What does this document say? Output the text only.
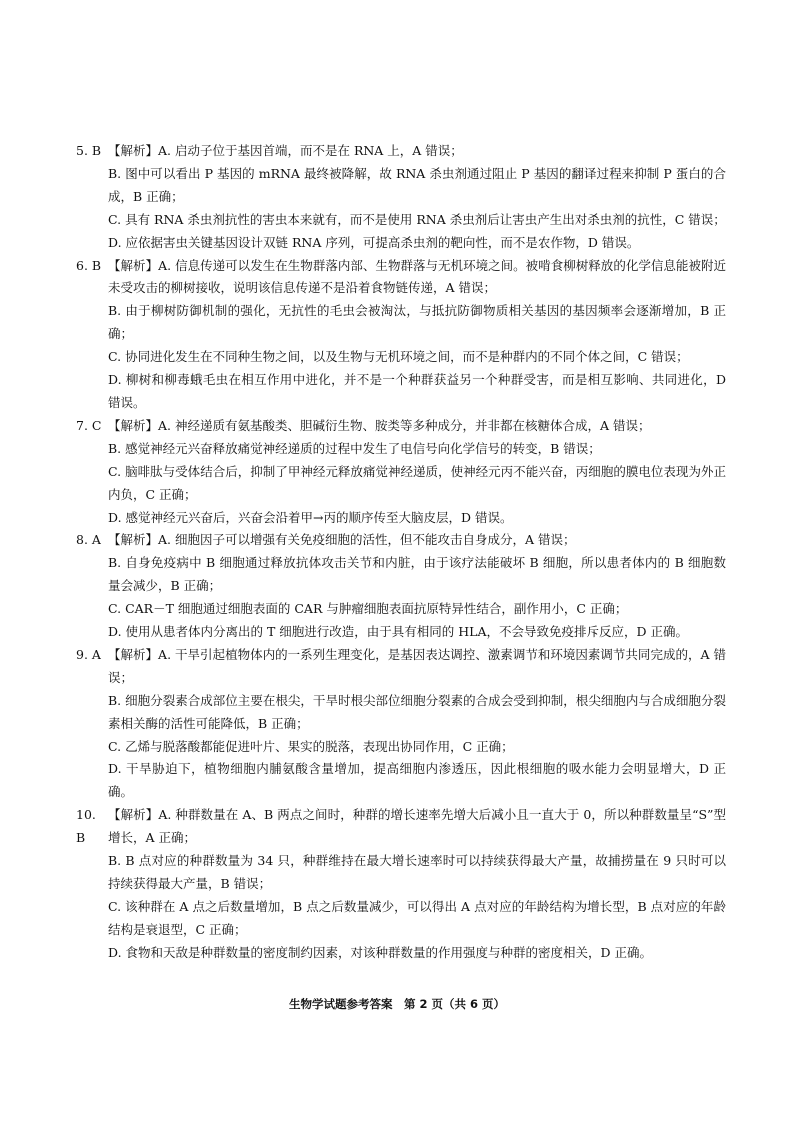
5. B 【解析】A. 启动子位于基因首端，而不是在 RNA 上，A 错误；

B. 图中可以看出 P 基因的 mRNA 最终被降解，故 RNA 杀虫剂通过阻止 P 基因的翻译过程来抑制 P 蛋白的合成，B 正确；

C. 具有 RNA 杀虫剂抗性的害虫本来就有，而不是使用 RNA 杀虫剂后让害虫产生出对杀虫剂的抗性，C 错误；

D. 应依据害虫关键基因设计双链 RNA 序列，可提高杀虫剂的靶向性，而不是农作物，D 错误。

6. B 【解析】A. 信息传递可以发生在生物群落内部、生物群落与无机环境之间。被啃食柳树释放的化学信息能被附近未受攻击的柳树接收，说明该信息传递不是沿着食物链传递，A 错误；

B. 由于柳树防御机制的强化，无抗性的毛虫会被淘汰，与抵抗防御物质相关基因的基因频率会逐渐增加，B 正确；

C. 协同进化发生在不同种生物之间，以及生物与无机环境之间，而不是种群内的不同个体之间，C 错误；

D. 柳树和柳毒蛾毛虫在相互作用中进化，并不是一个种群获益另一个种群受害，而是相互影响、共同进化，D 错误。

7. C 【解析】A. 神经递质有氨基酸类、胆碱衍生物、胺类等多种成分，并非都在核糖体合成，A 错误；

B. 感觉神经元兴奋释放痛觉神经递质的过程中发生了电信号向化学信号的转变，B 错误；

C. 脑啡肽与受体结合后，抑制了甲神经元释放痛觉神经递质，使神经元丙不能兴奋，丙细胞的膜电位表现为外正内负，C 正确；

D. 感觉神经元兴奋后，兴奋会沿着甲→丙的顺序传至大脑皮层，D 错误。

8. A 【解析】A. 细胞因子可以增强有关免疫细胞的活性，但不能攻击自身成分，A 错误；

B. 自身免疫病中 B 细胞通过释放抗体攻击关节和内脏，由于该疗法能破坏 B 细胞，所以患者体内的 B 细胞数量会减少，B 正确；

C. CAR－T 细胞通过细胞表面的 CAR 与肿瘤细胞表面抗原特异性结合，副作用小，C 正确；

D. 使用从患者体内分离出的 T 细胞进行改造，由于具有相同的 HLA，不会导致免疫排斥反应，D 正确。

9. A 【解析】A. 干旱引起植物体内的一系列生理变化，是基因表达调控、激素调节和环境因素调节共同完成的，A 错误；

B. 细胞分裂素合成部位主要在根尖，干旱时根尖部位细胞分裂素的合成会受到抑制，根尖细胞内与合成细胞分裂素相关酶的活性可能降低，B 正确；

C. 乙烯与脱落酸都能促进叶片、果实的脱落，表现出协同作用，C 正确；

D. 干旱胁迫下，植物细胞内脯氨酸含量增加，提高细胞内渗透压，因此根细胞的吸水能力会明显增大，D 正确。

10. B

【解析】A. 种群数量在 A、B 两点之间时，种群的增长速率先增大后减小且一直大于 0，所以种群数量呈“S”型增长，A 正确；

B. B 点对应的种群数量为 34 只，种群维持在最大增长速率时可以持续获得最大产量，故捕捞量在 9 只时可以持续获得最大产量，B 错误；

C. 该种群在 A 点之后数量增加，B 点之后数量减少，可以得出 A 点对应的年龄结构为增长型，B 点对应的年龄结构是衰退型，C 正确；

D. 食物和天敌是种群数量的密度制约因素，对该种群数量的作用强度与种群的密度相关，D 正确。

生物学试题参考答案　第 2 页（共 6 页）
